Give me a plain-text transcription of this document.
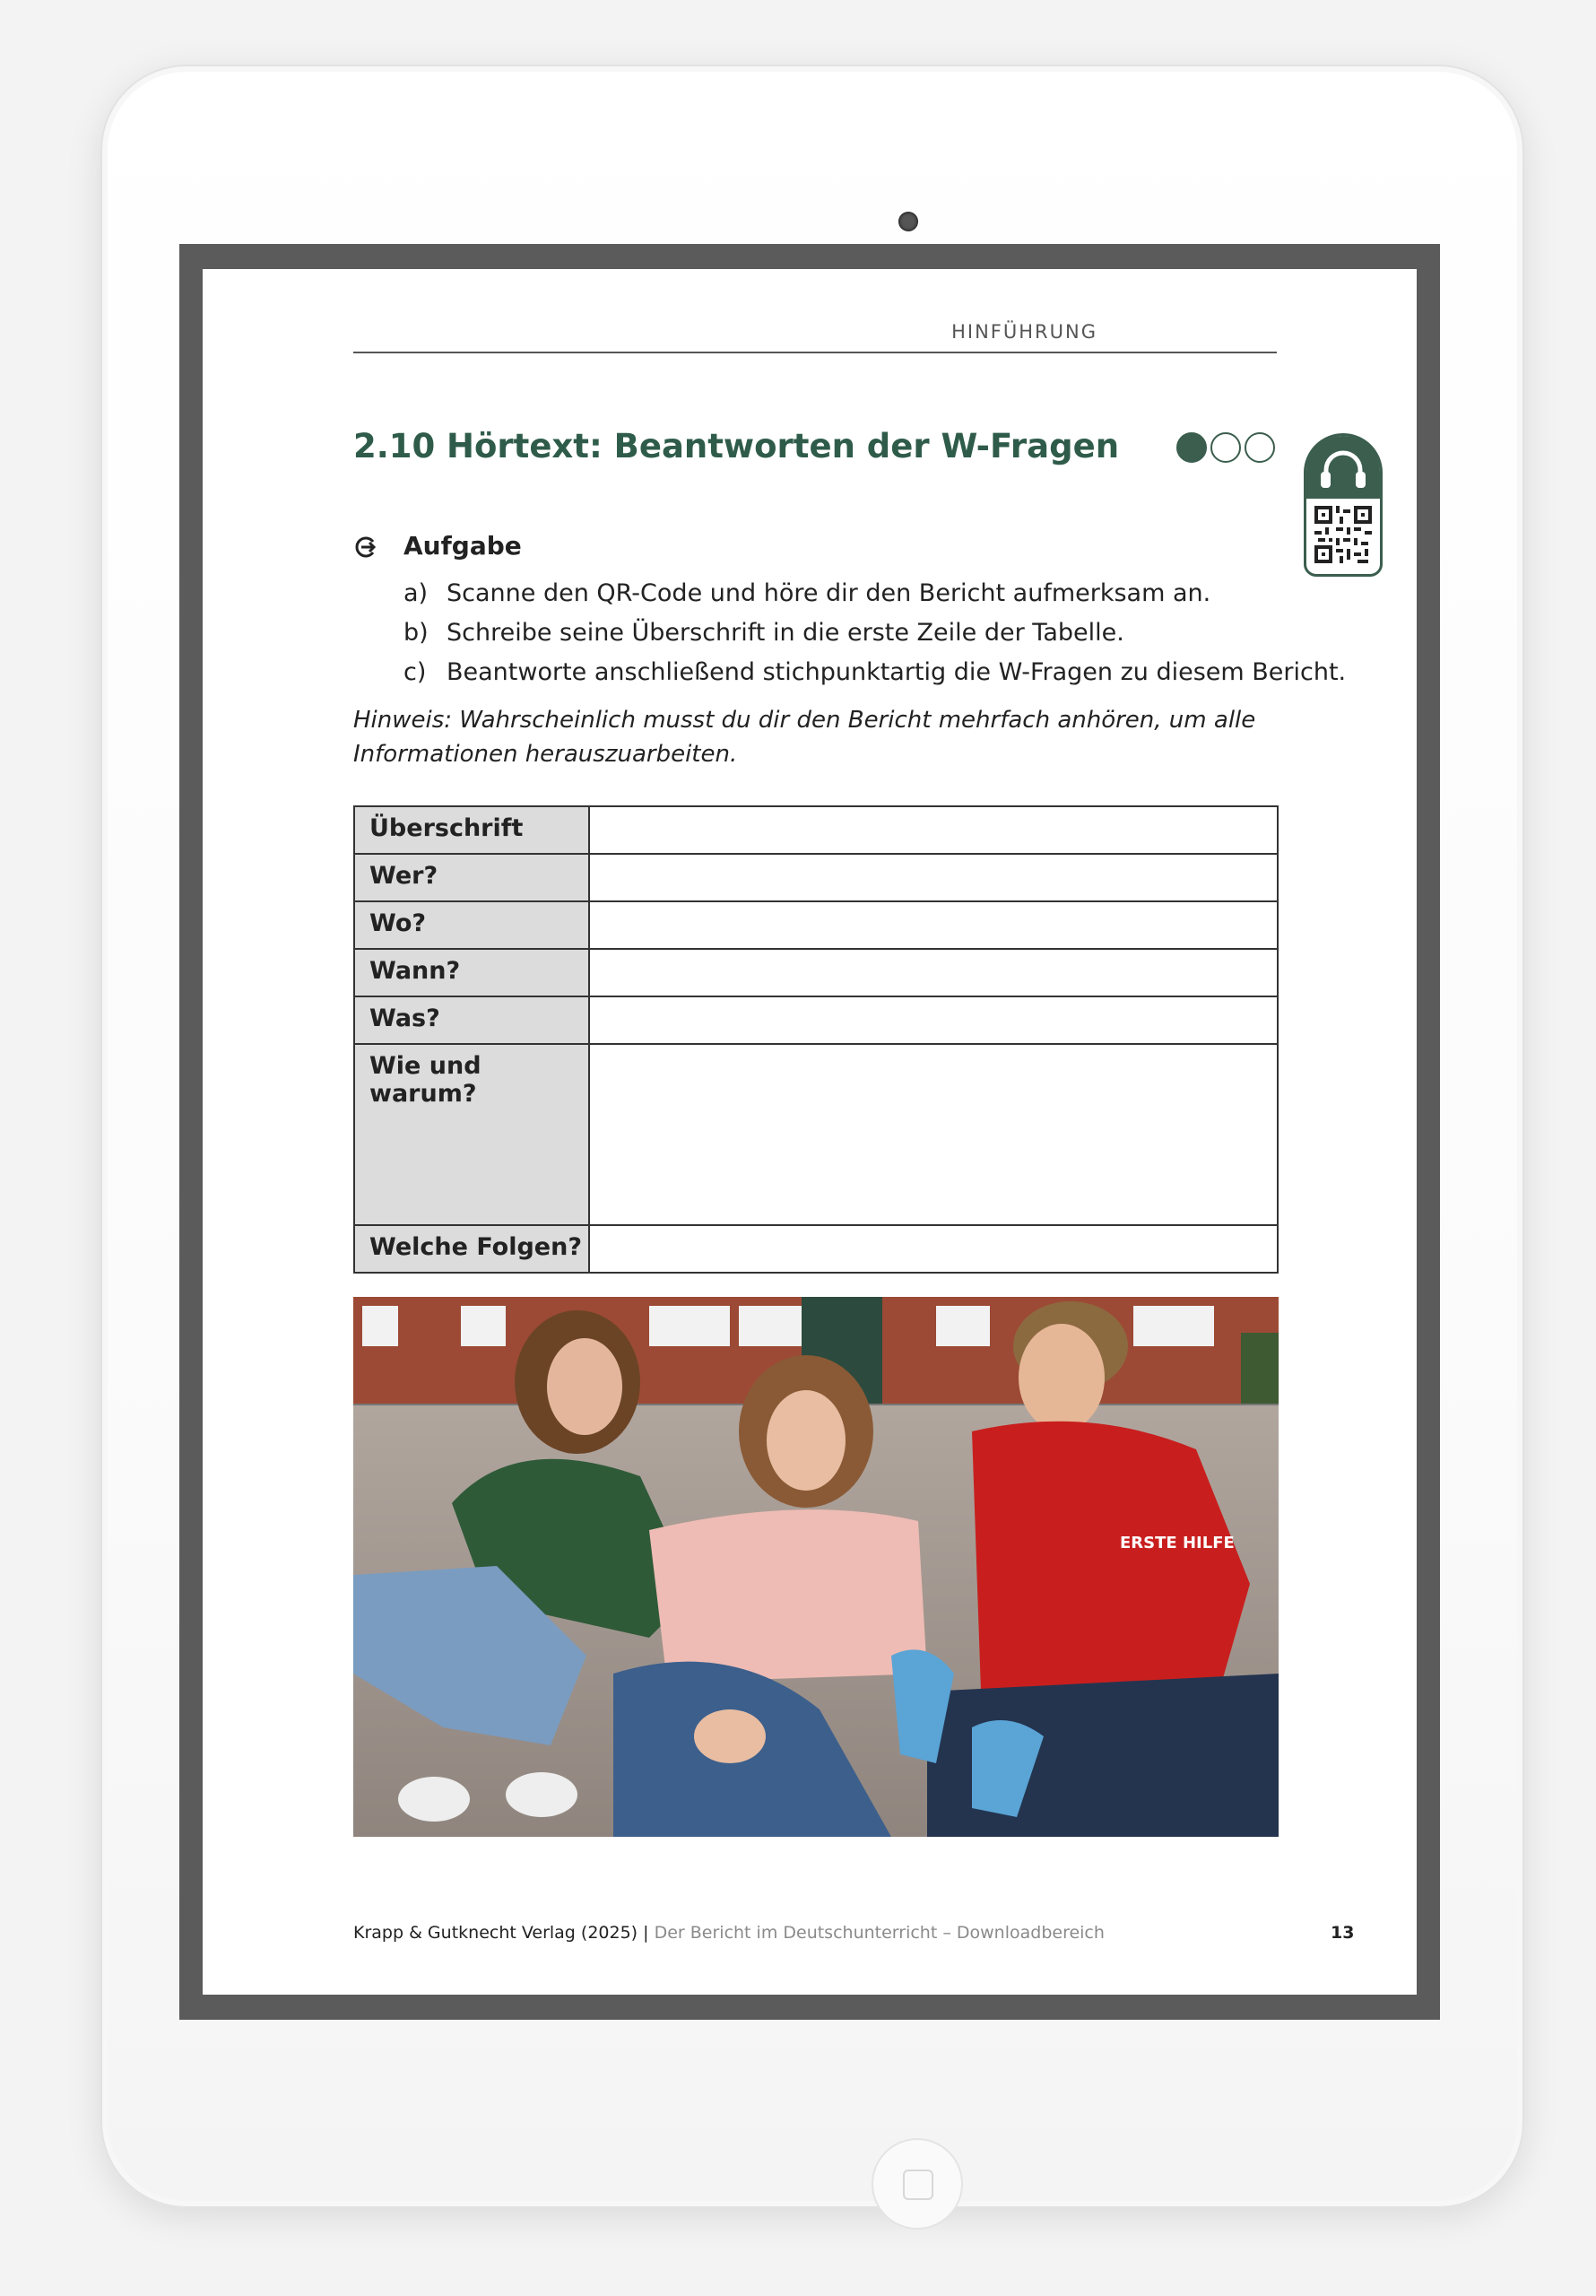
HINFÜHRUNG
2.10 Hörtext: Beantworten der W-Fragen
Aufgabe
a) Scanne den QR-Code und höre dir den Bericht aufmerksam an.
b) Schreibe seine Überschrift in die erste Zeile der Tabelle.
c) Beantworte anschließend stichpunktartig die W-Fragen zu diesem Bericht.
Hinweis: Wahrscheinlich musst du dir den Bericht mehrfach anhören, um alle Informationen herauszuarbeiten.
Überschrift	
Wer?	
Wo?	
Wann?	
Was?	
Wie und warum?	
Welche Folgen?	
ERSTE HILFE
Krapp & Gutknecht Verlag (2025) | Der Bericht im Deutschunterricht – Downloadbereich	13
